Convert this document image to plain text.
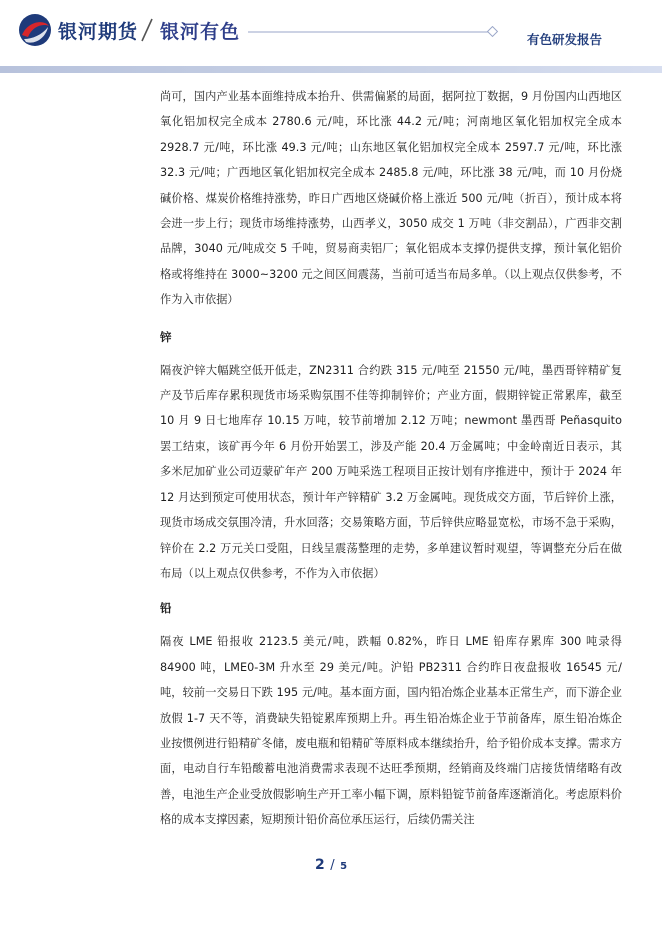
银河期货 银河有色	有色研发报告

尚可，国内产业基本面维持成本抬升、供需偏紧的局面，据阿拉丁数据，9 月份国内山西地区氧化铝加权完全成本 2780.6 元/吨，环比涨 44.2 元/吨；河南地区氧化铝加权完全成本 2928.7 元/吨，环比涨 49.3 元/吨；山东地区氧化铝加权完全成本 2597.7 元/吨，环比涨 32.3 元/吨；广西地区氧化铝加权完全成本 2485.8 元/吨，环比涨 38 元/吨，而 10 月份烧碱价格、煤炭价格维持涨势，昨日广西地区烧碱价格上涨近 500 元/吨（折百），预计成本将会进一步上行；现货市场维持涨势，山西孝义，3050 成交 1 万吨（非交割品），广西非交割品牌，3040 元/吨成交 5 千吨，贸易商卖铝厂；氧化铝成本支撑仍提供支撑，预计氧化铝价格或将维持在 3000~3200 元之间区间震荡，当前可适当布局多单。（以上观点仅供参考，不作为入市依据）

锌

隔夜沪锌大幅跳空低开低走，ZN2311 合约跌 315 元/吨至 21550 元/吨，墨西哥锌精矿复产及节后库存累积现货市场采购氛围不佳等抑制锌价；产业方面，假期锌锭正常累库，截至 10 月 9 日七地库存 10.15 万吨，较节前增加 2.12 万吨；newmont 墨西哥 Peñasquito 罢工结束，该矿再今年 6 月份开始罢工，涉及产能 20.4 万金属吨；中金岭南近日表示，其多米尼加矿业公司迈蒙矿年产 200 万吨采选工程项目正按计划有序推进中，预计于 2024 年 12 月达到预定可使用状态，预计年产锌精矿 3.2 万金属吨。现货成交方面，节后锌价上涨，现货市场成交氛围冷清，升水回落；交易策略方面，节后锌供应略显宽松，市场不急于采购，锌价在 2.2 万元关口受阻，日线呈震荡整理的走势，多单建议暂时观望，等调整充分后在做布局（以上观点仅供参考，不作为入市依据）

铅

隔夜 LME 铅报收 2123.5 美元/吨，跌幅 0.82%，昨日 LME 铅库存累库 300 吨录得 84900 吨，LME0-3M 升水至 29 美元/吨。沪铅 PB2311 合约昨日夜盘报收 16545 元/吨，较前一交易日下跌 195 元/吨。基本面方面，国内铅冶炼企业基本正常生产，而下游企业放假 1-7 天不等，消费缺失铅锭累库预期上升。再生铅冶炼企业于节前备库，原生铅冶炼企业按惯例进行铅精矿冬储，废电瓶和铅精矿等原料成本继续抬升，给予铅价成本支撑。需求方面，电动自行车铅酸蓄电池消费需求表现不达旺季预期，经销商及终端门店接货情绪略有改善，电池生产企业受放假影响生产开工率小幅下调，原料铅锭节前备库逐渐消化。考虑原料价格的成本支撑因素，短期预计铅价高位承压运行，后续仍需关注

2 / 5
